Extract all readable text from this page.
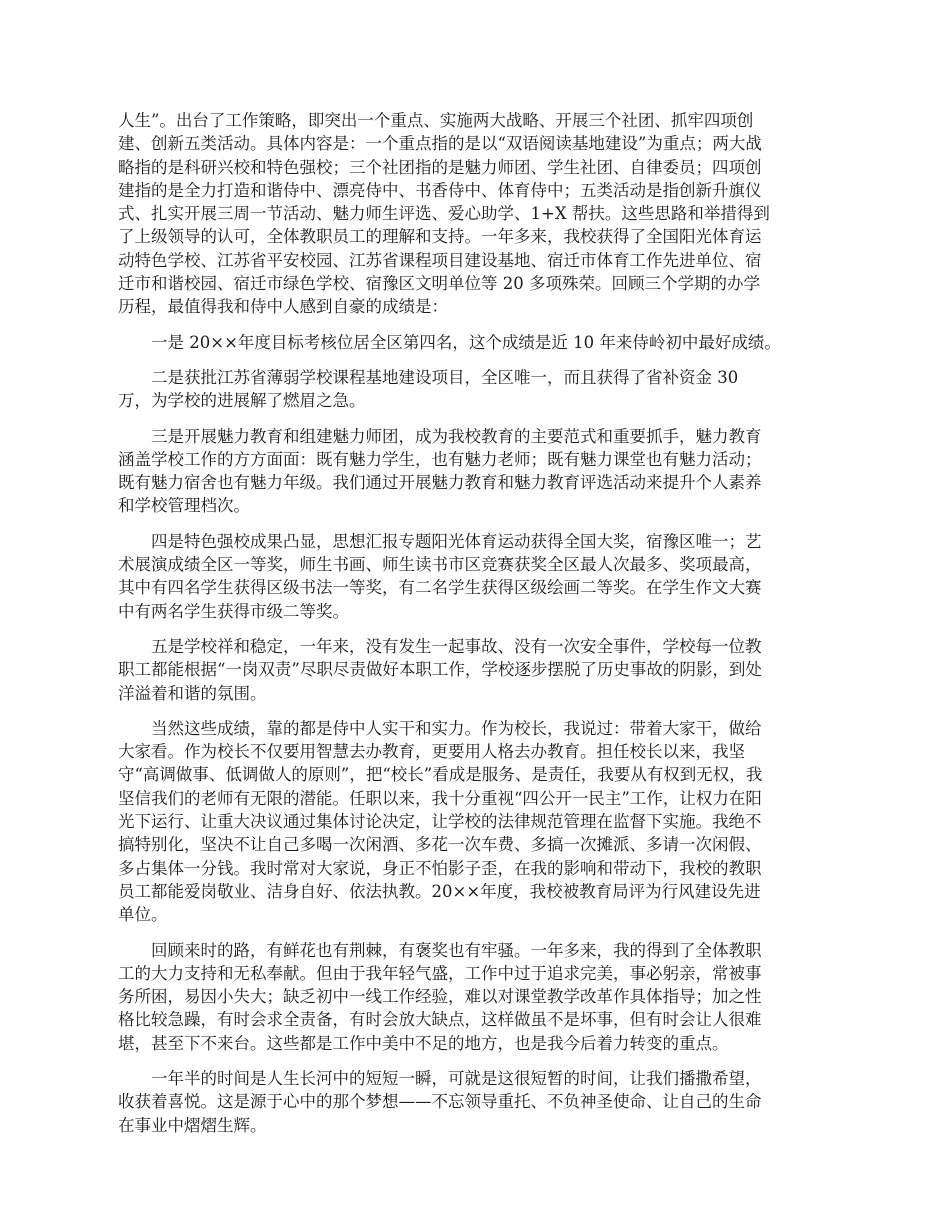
人生”。出台了工作策略，即突出一个重点、实施两大战略、开展三个社团、抓牢四项创
建、创新五类活动。具体内容是：一个重点指的是以“双语阅读基地建设”为重点；两大战
略指的是科研兴校和特色强校；三个社团指的是魅力师团、学生社团、自律委员；四项创
建指的是全力打造和谐侍中、漂亮侍中、书香侍中、体育侍中；五类活动是指创新升旗仪
式、扎实开展三周一节活动、魅力师生评选、爱心助学、1+X 帮扶。这些思路和举措得到
了上级领导的认可，全体教职员工的理解和支持。一年多来，我校获得了全国阳光体育运
动特色学校、江苏省平安校园、江苏省课程项目建设基地、宿迁市体育工作先进单位、宿
迁市和谐校园、宿迁市绿色学校、宿豫区文明单位等 20 多项殊荣。回顾三个学期的办学
历程，最值得我和侍中人感到自豪的成绩是：

一是 20××年度目标考核位居全区第四名，这个成绩是近 10 年来侍岭初中最好成绩。

二是获批江苏省薄弱学校课程基地建设项目，全区唯一，而且获得了省补资金 30
万，为学校的进展解了燃眉之急。

三是开展魅力教育和组建魅力师团，成为我校教育的主要范式和重要抓手，魅力教育
涵盖学校工作的方方面面：既有魅力学生，也有魅力老师；既有魅力课堂也有魅力活动；
既有魅力宿舍也有魅力年级。我们通过开展魅力教育和魅力教育评选活动来提升个人素养
和学校管理档次。

四是特色强校成果凸显，思想汇报专题阳光体育运动获得全国大奖，宿豫区唯一；艺
术展演成绩全区一等奖，师生书画、师生读书市区竞赛获奖全区最人次最多、奖项最高，
其中有四名学生获得区级书法一等奖，有二名学生获得区级绘画二等奖。在学生作文大赛
中有两名学生获得市级二等奖。

五是学校祥和稳定，一年来，没有发生一起事故、没有一次安全事件，学校每一位教
职工都能根据“一岗双责”尽职尽责做好本职工作，学校逐步摆脱了历史事故的阴影，到处
洋溢着和谐的氛围。

当然这些成绩，靠的都是侍中人实干和实力。作为校长，我说过：带着大家干，做给
大家看。作为校长不仅要用智慧去办教育，更要用人格去办教育。担任校长以来，我坚
守“高调做事、低调做人的原则”，把“校长”看成是服务、是责任，我要从有权到无权，我
坚信我们的老师有无限的潜能。任职以来，我十分重视“四公开一民主”工作，让权力在阳
光下运行、让重大决议通过集体讨论决定，让学校的法律规范管理在监督下实施。我绝不
搞特别化，坚决不让自己多喝一次闲酒、多花一次车费、多搞一次摊派、多请一次闲假、
多占集体一分钱。我时常对大家说，身正不怕影子歪，在我的影响和带动下，我校的教职
员工都能爱岗敬业、洁身自好、依法执教。20××年度，我校被教育局评为行风建设先进
单位。

回顾来时的路，有鲜花也有荆棘，有褒奖也有牢骚。一年多来，我的得到了全体教职
工的大力支持和无私奉献。但由于我年轻气盛，工作中过于追求完美，事必躬亲，常被事
务所困，易因小失大；缺乏初中一线工作经验，难以对课堂教学改革作具体指导；加之性
格比较急躁，有时会求全责备，有时会放大缺点，这样做虽不是坏事，但有时会让人很难
堪，甚至下不来台。这些都是工作中美中不足的地方，也是我今后着力转变的重点。

一年半的时间是人生长河中的短短一瞬，可就是这很短暂的时间，让我们播撒希望，
收获着喜悦。这是源于心中的那个梦想——不忘领导重托、不负神圣使命、让自己的生命
在事业中熠熠生辉。
